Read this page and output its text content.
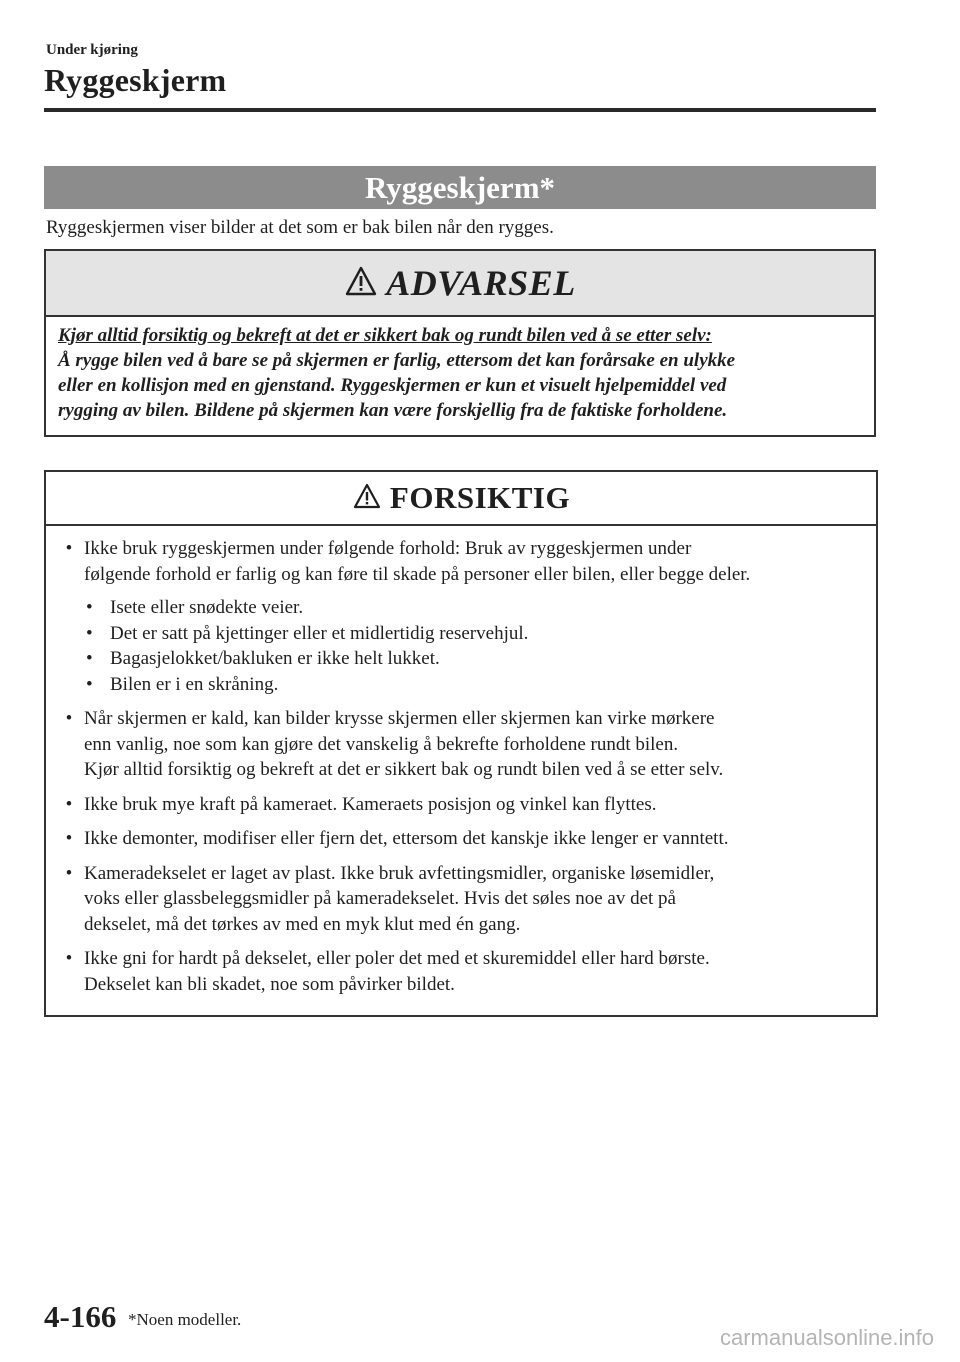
Under kjøring
Ryggeskjerm
Ryggeskjerm*
Ryggeskjermen viser bilder at det som er bak bilen når den rygges.
ADVARSEL
Kjør alltid forsiktig og bekreft at det er sikkert bak og rundt bilen ved å se etter selv:
Å rygge bilen ved å bare se på skjermen er farlig, ettersom det kan forårsake en ulykke
eller en kollisjon med en gjenstand. Ryggeskjermen er kun et visuelt hjelpemiddel ved
rygging av bilen. Bildene på skjermen kan være forskjellig fra de faktiske forholdene.
FORSIKTIG
• Ikke bruk ryggeskjermen under følgende forhold: Bruk av ryggeskjermen under
følgende forhold er farlig og kan føre til skade på personer eller bilen, eller begge deler.
• Isete eller snødekte veier.
• Det er satt på kjettinger eller et midlertidig reservehjul.
• Bagasjelokket/bakluken er ikke helt lukket.
• Bilen er i en skråning.
• Når skjermen er kald, kan bilder krysse skjermen eller skjermen kan virke mørkere
enn vanlig, noe som kan gjøre det vanskelig å bekrefte forholdene rundt bilen.
Kjør alltid forsiktig og bekreft at det er sikkert bak og rundt bilen ved å se etter selv.
• Ikke bruk mye kraft på kameraet. Kameraets posisjon og vinkel kan flyttes.
• Ikke demonter, modifiser eller fjern det, ettersom det kanskje ikke lenger er vanntett.
• Kameradekselet er laget av plast. Ikke bruk avfettingsmidler, organiske løsemidler,
voks eller glassbeleggsmidler på kameradekselet. Hvis det søles noe av det på
dekselet, må det tørkes av med en myk klut med én gang.
• Ikke gni for hardt på dekselet, eller poler det med et skuremiddel eller hard børste.
Dekselet kan bli skadet, noe som påvirker bildet.
4-166 *Noen modeller.
carmanualsonline.info
